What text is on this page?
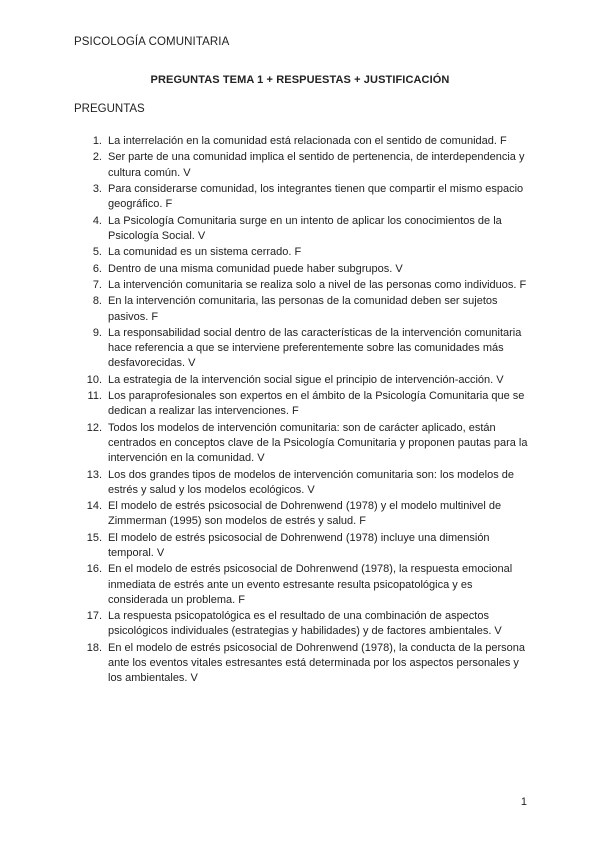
PSICOLOGÍA COMUNITARIA
PREGUNTAS TEMA 1 + RESPUESTAS + JUSTIFICACIÓN
PREGUNTAS
1. La interrelación en la comunidad está relacionada con el sentido de comunidad. F
2. Ser parte de una comunidad implica el sentido de pertenencia, de interdependencia y cultura común. V
3. Para considerarse comunidad, los integrantes tienen que compartir el mismo espacio geográfico. F
4. La Psicología Comunitaria surge en un intento de aplicar los conocimientos de la Psicología Social. V
5. La comunidad es un sistema cerrado. F
6. Dentro de una misma comunidad puede haber subgrupos. V
7. La intervención comunitaria se realiza solo a nivel de las personas como individuos. F
8. En la intervención comunitaria, las personas de la comunidad deben ser sujetos pasivos. F
9. La responsabilidad social dentro de las características de la intervención comunitaria hace referencia a que se interviene preferentemente sobre las comunidades más desfavorecidas. V
10. La estrategia de la intervención social sigue el principio de intervención-acción. V
11. Los paraprofesionales son expertos en el ámbito de la Psicología Comunitaria que se dedican a realizar las intervenciones. F
12. Todos los modelos de intervención comunitaria: son de carácter aplicado, están centrados en conceptos clave de la Psicología Comunitaria y proponen pautas para la intervención en la comunidad. V
13. Los dos grandes tipos de modelos de intervención comunitaria son: los modelos de estrés y salud y los modelos ecológicos. V
14. El modelo de estrés psicosocial de Dohrenwend (1978) y el modelo multinivel de Zimmerman (1995) son modelos de estrés y salud. F
15. El modelo de estrés psicosocial de Dohrenwend (1978) incluye una dimensión temporal. V
16. En el modelo de estrés psicosocial de Dohrenwend (1978), la respuesta emocional inmediata de estrés ante un evento estresante resulta psicopatológica y es considerada un problema. F
17. La respuesta psicopatológica es el resultado de una combinación de aspectos psicológicos individuales (estrategias y habilidades) y de factores ambientales. V
18. En el modelo de estrés psicosocial de Dohrenwend (1978), la conducta de la persona ante los eventos vitales estresantes está determinada por los aspectos personales y los ambientales. V
1
